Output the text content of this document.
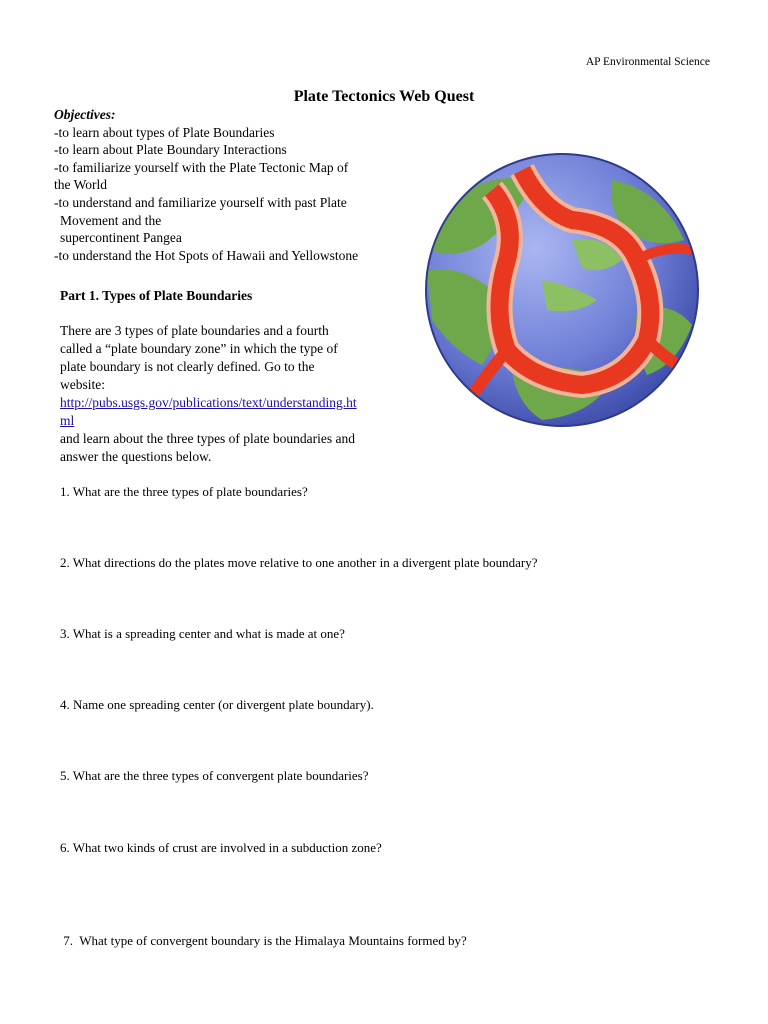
AP Environmental Science
Plate Tectonics Web Quest
Objectives:
-to learn about types of Plate Boundaries
-to learn about Plate Boundary Interactions
-to familiarize yourself with the Plate Tectonic Map of
the World
-to understand and familiarize yourself with past Plate
Movement and the
supercontinent Pangea
-to understand the Hot Spots of Hawaii and Yellowstone
Part 1. Types of Plate Boundaries
There are 3 types of plate boundaries and a fourth
called a “plate boundary zone” in which the type of
plate boundary is not clearly defined. Go to the
website:
http://pubs.usgs.gov/publications/text/understanding.ht
ml
and learn about the three types of plate boundaries and
answer the questions below.
1. What are the three types of plate boundaries?
2. What directions do the plates move relative to one another in a divergent plate boundary?
3. What is a spreading center and what is made at one?
4. Name one spreading center (or divergent plate boundary).
5. What are the three types of convergent plate boundaries?
6. What two kinds of crust are involved in a subduction zone?
7.  What type of convergent boundary is the Himalaya Mountains formed by?
